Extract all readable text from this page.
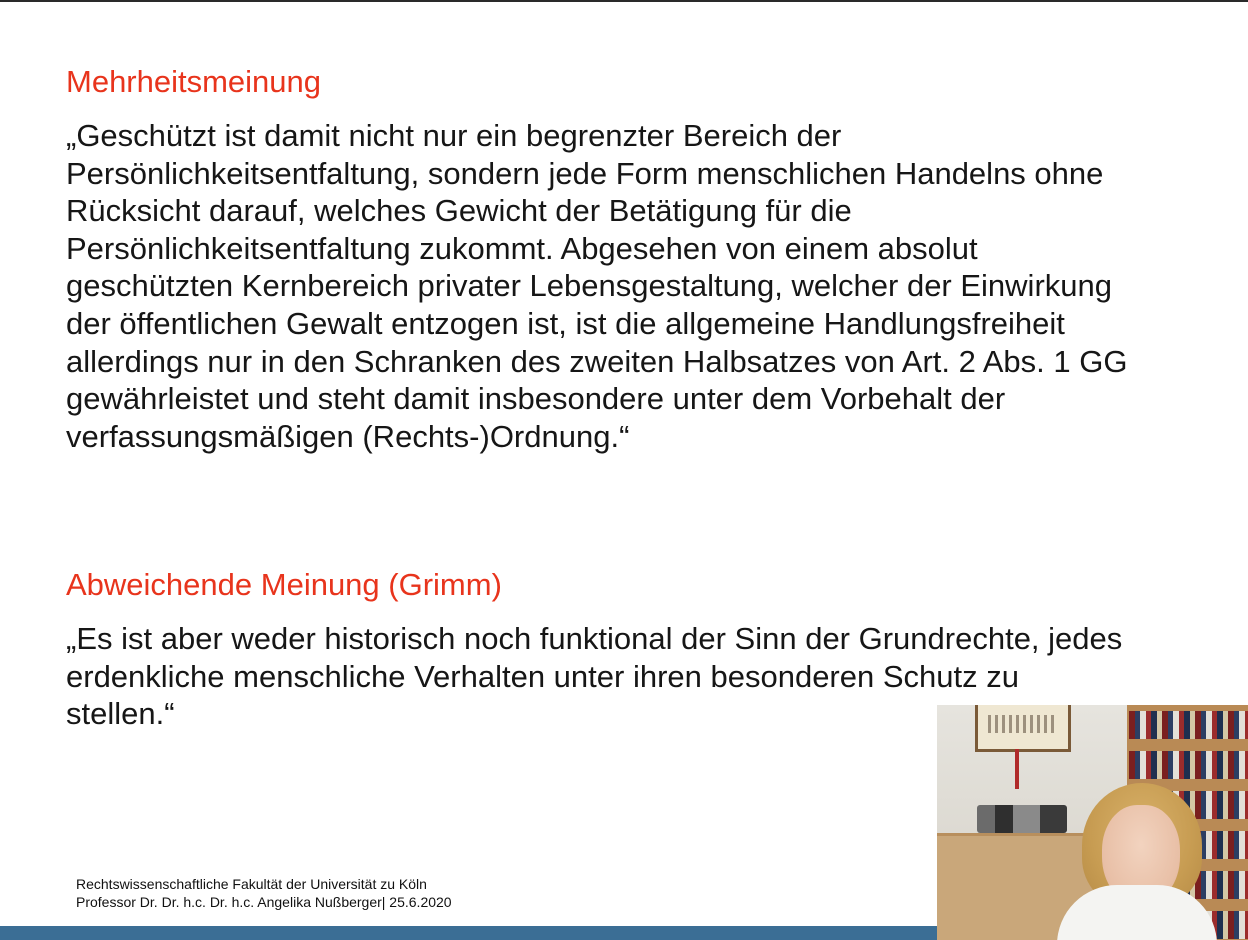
Mehrheitsmeinung

„Geschützt ist damit nicht nur ein begrenzter Bereich der Persönlichkeitsentfaltung, sondern jede Form menschlichen Handelns ohne Rücksicht darauf, welches Gewicht der Betätigung für die Persönlichkeitsentfaltung zukommt. Abgesehen von einem absolut geschützten Kernbereich privater Lebensgestaltung, welcher der Einwirkung der öffentlichen Gewalt entzogen ist, ist die allgemeine Handlungsfreiheit allerdings nur in den Schranken des zweiten Halbsatzes von Art. 2 Abs. 1 GG gewährleistet und steht damit insbesondere unter dem Vorbehalt der verfassungsmäßigen (Rechts-)Ordnung.“

Abweichende Meinung (Grimm)

„Es ist aber weder historisch noch funktional der Sinn der Grundrechte, jedes erdenkliche menschliche Verhalten unter ihren besonderen Schutz zu stellen.“

Rechtswissenschaftliche Fakultät der Universität zu Köln
Professor Dr. Dr. h.c. Dr. h.c. Angelika Nußberger| 25.6.2020
